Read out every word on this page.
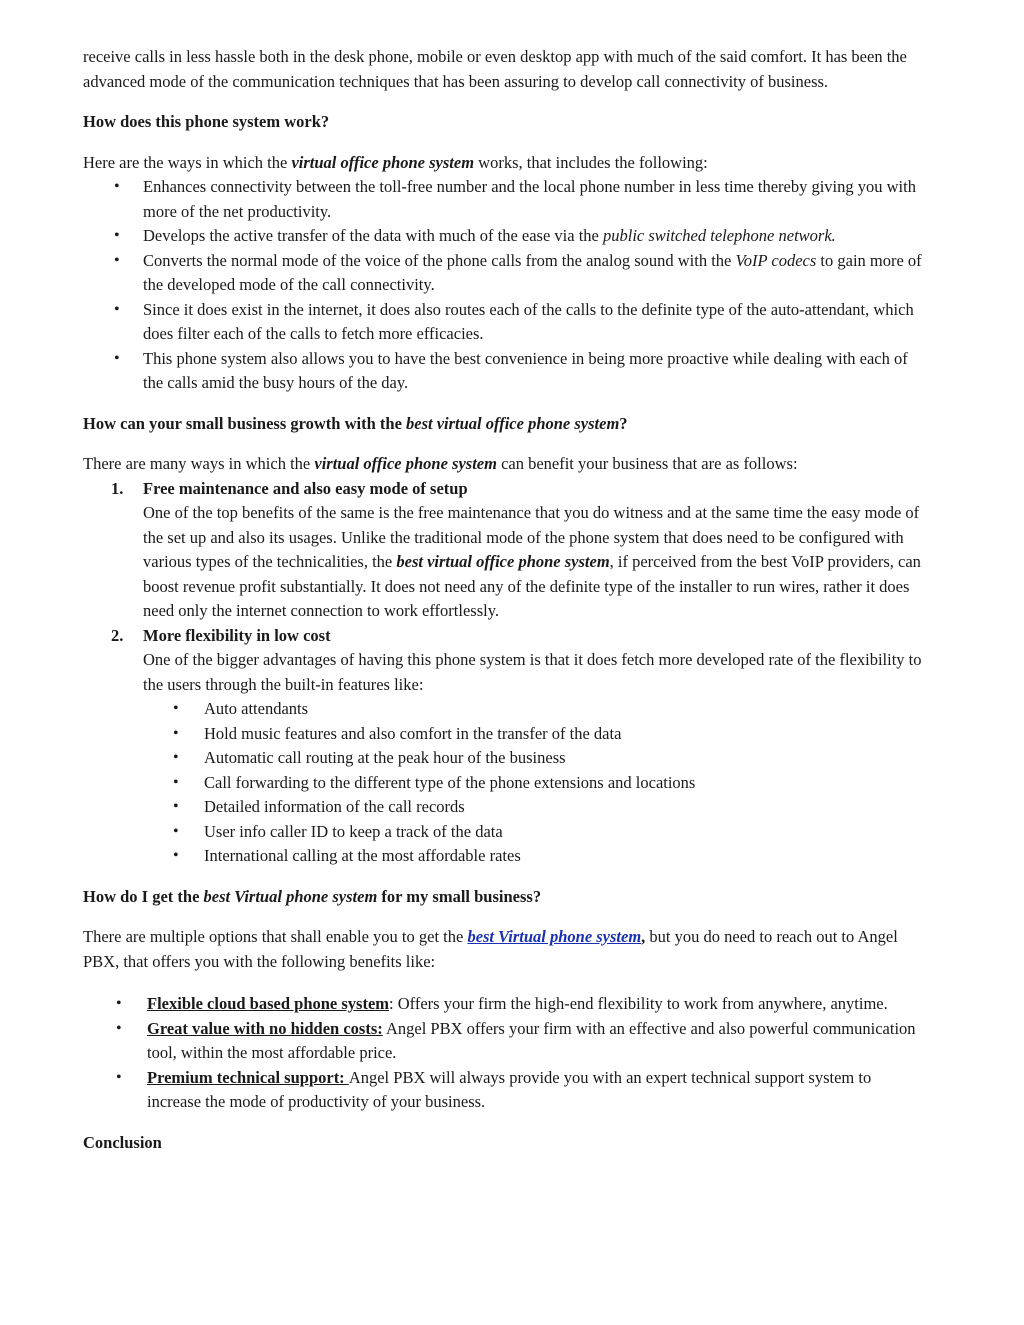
receive calls in less hassle both in the desk phone, mobile or even desktop app with much of the said comfort. It has been the advanced mode of the communication techniques that has been assuring to develop call connectivity of business.

How does this phone system work?

Here are the ways in which the virtual office phone system works, that includes the following:

• Enhances connectivity between the toll-free number and the local phone number in less time thereby giving you with more of the net productivity.
• Develops the active transfer of the data with much of the ease via the public switched telephone network.
• Converts the normal mode of the voice of the phone calls from the analog sound with the VoIP codecs to gain more of the developed mode of the call connectivity.
• Since it does exist in the internet, it does also routes each of the calls to the definite type of the auto-attendant, which does filter each of the calls to fetch more efficacies.
• This phone system also allows you to have the best convenience in being more proactive while dealing with each of the calls amid the busy hours of the day.

How can your small business growth with the best virtual office phone system?

There are many ways in which the virtual office phone system can benefit your business that are as follows:

1. Free maintenance and also easy mode of setup
One of the top benefits of the same is the free maintenance that you do witness and at the same time the easy mode of the set up and also its usages. Unlike the traditional mode of the phone system that does need to be configured with various types of the technicalities, the best virtual office phone system, if perceived from the best VoIP providers, can boost revenue profit substantially. It does not need any of the definite type of the installer to run wires, rather it does need only the internet connection to work effortlessly.
2. More flexibility in low cost
One of the bigger advantages of having this phone system is that it does fetch more developed rate of the flexibility to the users through the built-in features like:
• Auto attendants
• Hold music features and also comfort in the transfer of the data
• Automatic call routing at the peak hour of the business
• Call forwarding to the different type of the phone extensions and locations
• Detailed information of the call records
• User info caller ID to keep a track of the data
• International calling at the most affordable rates

How do I get the best Virtual phone system for my small business?

There are multiple options that shall enable you to get the best Virtual phone system, but you do need to reach out to Angel PBX, that offers you with the following benefits like:

• Flexible cloud based phone system: Offers your firm the high-end flexibility to work from anywhere, anytime.
• Great value with no hidden costs: Angel PBX offers your firm with an effective and also powerful communication tool, within the most affordable price.
• Premium technical support: Angel PBX will always provide you with an expert technical support system to increase the mode of productivity of your business.

Conclusion
